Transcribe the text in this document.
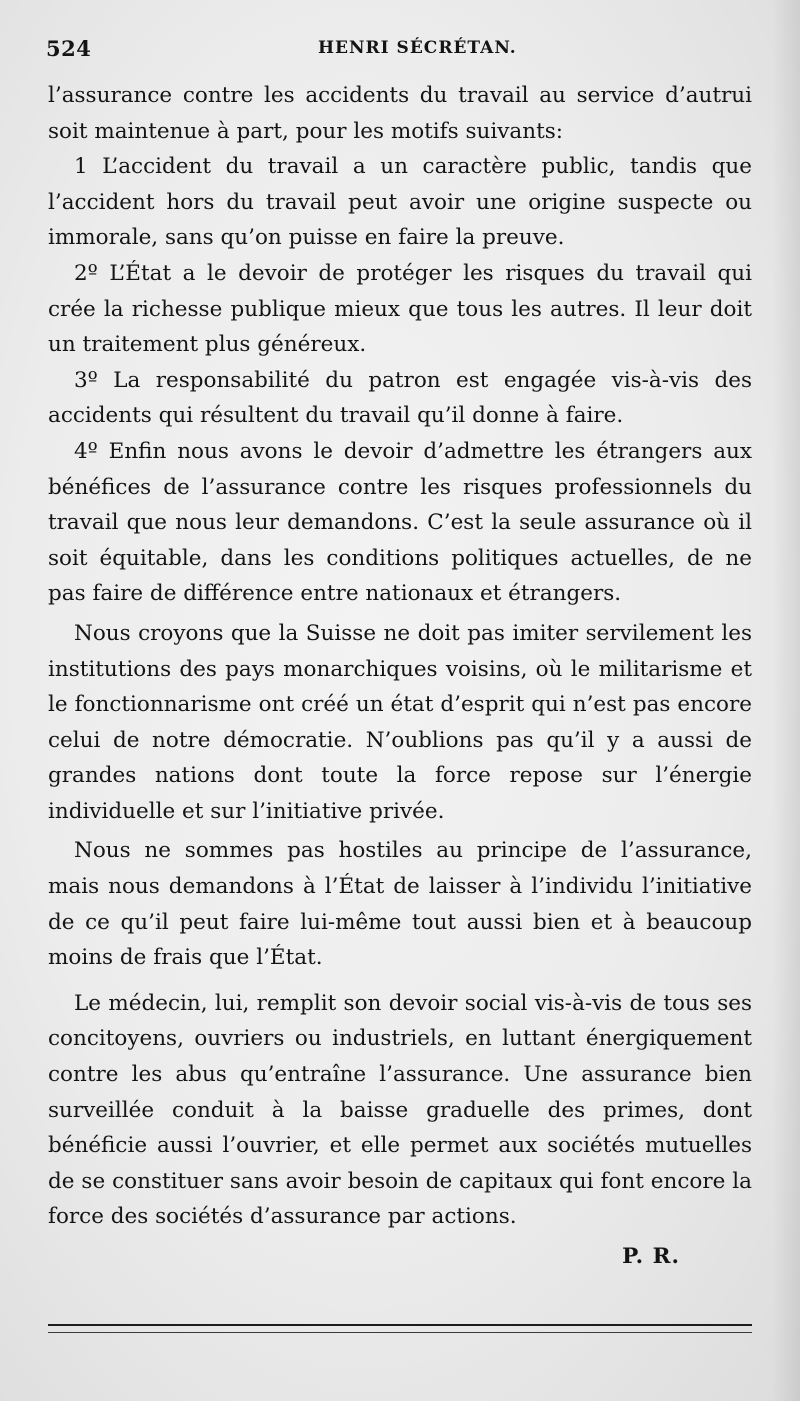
524	HENRI SÉCRÉTAN.

l’assurance contre les accidents du travail au service d’autrui soit maintenue à part, pour les motifs suivants:

1 L’accident du travail a un caractère public, tandis que l’accident hors du travail peut avoir une origine suspecte ou immorale, sans qu’on puisse en faire la preuve.

2º L’État a le devoir de protéger les risques du travail qui crée la richesse publique mieux que tous les autres. Il leur doit un traitement plus généreux.

3º La responsabilité du patron est engagée vis-à-vis des accidents qui résultent du travail qu’il donne à faire.

4º Enfin nous avons le devoir d’admettre les étrangers aux bénéfices de l’assurance contre les risques professionnels du travail que nous leur demandons. C’est la seule assurance où il soit équitable, dans les conditions politiques actuelles, de ne pas faire de différence entre nationaux et étrangers.

Nous croyons que la Suisse ne doit pas imiter servilement les institutions des pays monarchiques voisins, où le militarisme et le fonctionnarisme ont créé un état d’esprit qui n’est pas encore celui de notre démocratie. N’oublions pas qu’il y a aussi de grandes nations dont toute la force repose sur l’énergie individuelle et sur l’initiative privée.

Nous ne sommes pas hostiles au principe de l’assurance, mais nous demandons à l’État de laisser à l’individu l’initiative de ce qu’il peut faire lui-même tout aussi bien et à beaucoup moins de frais que l’État.

Le médecin, lui, remplit son devoir social vis-à-vis de tous ses concitoyens, ouvriers ou industriels, en luttant énergiquement contre les abus qu’entraîne l’assurance. Une assurance bien surveillée conduit à la baisse graduelle des primes, dont bénéficie aussi l’ouvrier, et elle permet aux sociétés mutuelles de se constituer sans avoir besoin de capitaux qui font encore la force des sociétés d’assurance par actions.

P. R.
